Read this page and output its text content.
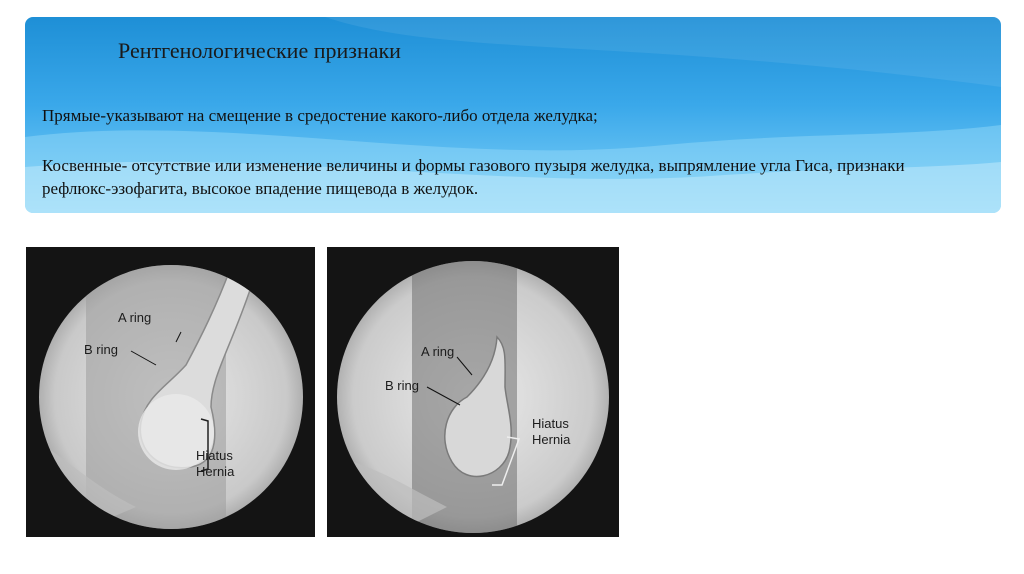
Рентгенологические признаки

Прямые-указывают на смещение в средостение какого-либо отдела желудка;

Косвенные- отсутствие или изменение величины и формы газового пузыря желудка, выпрямление угла Гиса, признаки рефлюкс-эзофагита, высокое впадение пищевода в желудок.

A ring
B ring
Hiatus
Hernia
A ring
B ring
Hiatus
Hernia
